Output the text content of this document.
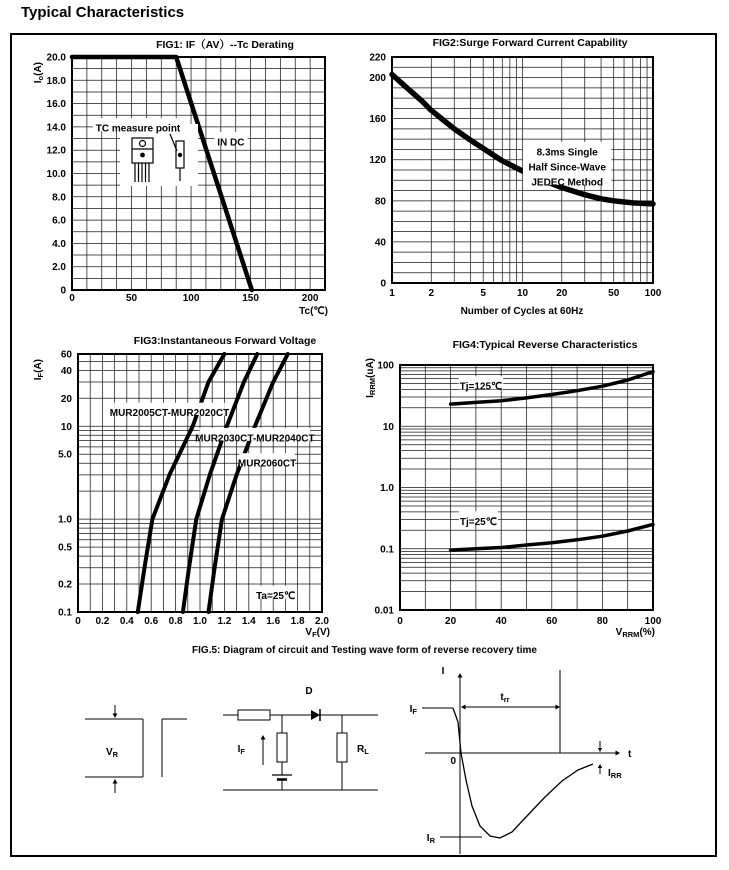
Typical Characteristics
FIG1: IF（AV）--Tc Derating
0	50	100	150	200
20.0
18.0
16.0
14.0
12.0
10.0
8.0
6.0
4.0
2.0
0
Tc(℃)
$I_o(A)$
TC measure point
IN DC
FIG2:Surge Forward Current Capability
1	2	5	10	20	50	100
220
200
160
120
80
40
0
Number of Cycles at 60Hz
8.3ms Single
Half Since-Wave
JEDEC Method
FIG3:Instantaneous Forward Voltage
0 0.2 0.4 0.6 0.8 1.0 1.2 1.4 1.6 1.8 2.0
60
40
20
10
5.0
1.0
0.5
0.2
0.1
$V_F(V)$
$I_F(A)$
MUR2005CT-MUR2020CT
MUR2030CT-MUR2040CT
MUR2060CT
Ta=25℃
FIG4:Typical Reverse Characteristics
0	20	40	60	80	100
100
10
1.0
0.1
0.01
$V_{RRM}(\%)$
$I_{RRM}(uA)$
Tj=125℃
Tj=25℃
FIG.5: Diagram of circuit and Testing wave form of reverse recovery time
$V_R$
D
$I_F$	$R_L$
I
t
0
$I_F$
$t_{rr}$
$I_{RR}$
$I_R$
